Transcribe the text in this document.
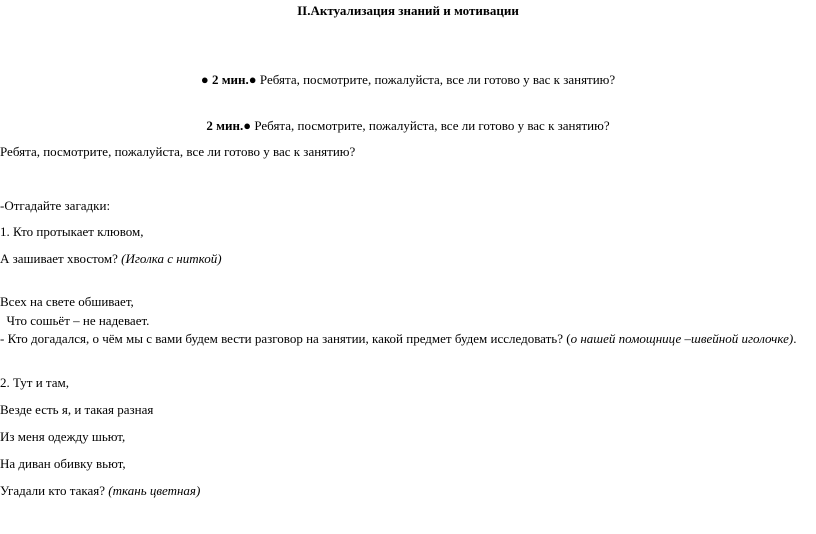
II.Актуализация знаний и мотивации
● 2 мин.● Ребята, посмотрите, пожалуйста, все ли готово у вас к занятию?
2 мин.● Ребята, посмотрите, пожалуйста, все ли готово у вас к занятию?
Ребята, посмотрите, пожалуйста, все ли готово у вас к занятию?
-Отгадайте загадки:
1. Кто протыкает клювом,
А зашивает хвостом? (Иголка с ниткой)
Всех на свете обшивает,
Что сошьёт – не надевает.
- Кто догадался, о чём мы с вами будем вести разговор на занятии, какой предмет будем исследовать? (о нашей помощнице –швейной иголочке).
2. Тут и там,
Везде есть я, и такая разная
Из меня одежду шьют,
На диван обивку вьют,
Угадали кто такая? (ткань цветная)
